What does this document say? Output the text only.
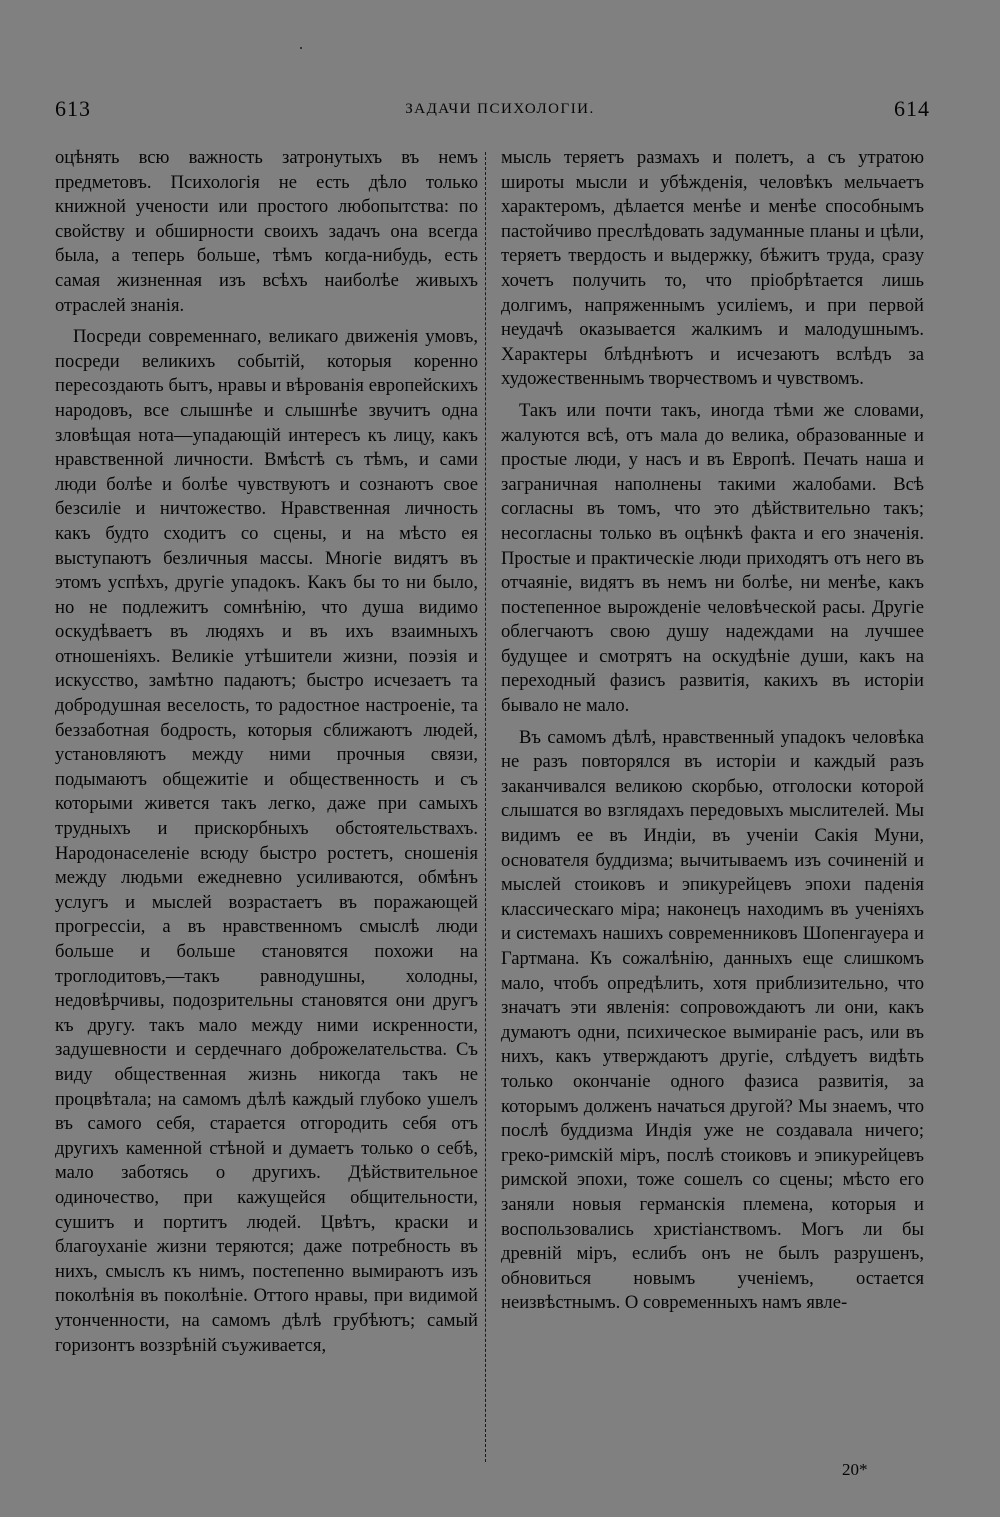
613	ЗАДАЧИ ПСИХОЛОГІИ.	614

оцѣнять всю важность затронутыхъ въ немъ предметовъ. Психологія не есть дѣло только книжной учености или простого любопытства: по свойству и обширности своихъ задачъ она всегда была, а теперь больше, тѣмъ когда-нибудь, есть самая жизненная изъ всѣхъ наиболѣе живыхъ отраслей знанія.

Посреди современнаго, великаго движенія умовъ, посреди великихъ событій, которыя коренно пересоздають бытъ, нравы и вѣрованія европейскихъ народовъ, все слышнѣе и слышнѣе звучитъ одна зловѣщая нота—упадающій интересъ къ лицу, какъ нравственной личности. Вмѣстѣ съ тѣмъ, и сами люди болѣе и болѣе чувствуютъ и сознаютъ свое безсиліе и ничтожество. Нравственная личность какъ будто сходитъ со сцены, и на мѣсто ея выступаютъ безличныя массы. Многіе видятъ въ этомъ успѣхъ, другіе упадокъ. Какъ бы то ни было, но не подлежитъ сомнѣнію, что душа видимо оскудѣваетъ въ людяхъ и въ ихъ взаимныхъ отношеніяхъ. Великіе утѣшители жизни, поэзія и искусство, замѣтно падаютъ; быстро исчезаетъ та добродушная веселость, то радостное настроеніе, та беззаботная бодрость, которыя сближаютъ людей, установляютъ между ними прочныя связи, подымаютъ общежитіе и общественность и съ которыми живется такъ легко, даже при самыхъ трудныхъ и прискорбныхъ обстоятельствахъ. Народонаселеніе всюду быстро ростетъ, сношенія между людьми ежедневно усиливаются, обмѣнъ услугъ и мыслей возрастаетъ въ поражающей прогрессіи, а въ нравственномъ смыслѣ люди больше и больше становятся похожи на троглодитовъ,—такъ равнодушны, холодны, недовѣрчивы, подозрительны становятся они другъ къ другу. такъ мало между ними искренности, задушевности и сердечнаго доброжелательства. Съ виду общественная жизнь никогда такъ не процвѣтала; на самомъ дѣлѣ каждый глубоко ушелъ въ самого себя, старается отгородить себя отъ другихъ каменной стѣной и думаетъ только о себѣ, мало заботясь о другихъ. Дѣйствительное одиночество, при кажущейся общительности, сушитъ и портитъ людей. Цвѣтъ, краски и благоуханіе жизни теряются; даже потребность въ нихъ, смыслъ къ нимъ, постепенно вымираютъ изъ поколѣнія въ поколѣніе. Оттого нравы, при видимой утонченности, на самомъ дѣлѣ грубѣютъ; самый горизонтъ воззрѣній съуживается,

мысль теряетъ размахъ и полетъ, а съ утратою широты мысли и убѣжденія, человѣкъ мельчаетъ характеромъ, дѣлается менѣе и менѣе способнымъ пастойчиво преслѣдовать задуманные планы и цѣли, теряетъ твердость и выдержку, бѣжитъ труда, сразу хочетъ получить то, что пріобрѣтается лишь долгимъ, напряженнымъ усиліемъ, и при первой неудачѣ оказывается жалкимъ и малодушнымъ. Характеры блѣднѣютъ и исчезаютъ вслѣдъ за художественнымъ творчествомъ и чувствомъ.

Такъ или почти такъ, иногда тѣми же словами, жалуются всѣ, отъ мала до велика, образованные и простые люди, у насъ и въ Европѣ. Печать наша и заграничная наполнены такими жалобами. Всѣ согласны въ томъ, что это дѣйствительно такъ; несогласны только въ оцѣнкѣ факта и его значенія. Простые и практическіе люди приходятъ отъ него въ отчаяніе, видятъ въ немъ ни болѣе, ни менѣе, какъ постепенное вырожденіе человѣческой расы. Другіе облегчаютъ свою душу надеждами на лучшее будущее и смотрятъ на оскудѣніе души, какъ на переходный фазисъ развитія, какихъ въ исторіи бывало не мало.

Въ самомъ дѣлѣ, нравственный упадокъ человѣка не разъ повторялся въ исторіи и каждый разъ заканчивался великою скорбью, отголоски которой слышатся во взглядахъ передовыхъ мыслителей. Мы видимъ ее въ Индіи, въ ученіи Сакія Муни, основателя буддизма; вычитываемъ изъ сочиненій и мыслей стоиковъ и эпикурейцевъ эпохи паденія классическаго міра; наконецъ находимъ въ ученіяхъ и системахъ нашихъ современниковъ Шопенгауера и Гартмана. Къ сожалѣнію, данныхъ еще слишкомъ мало, чтобъ опредѣлить, хотя приблизительно, что значатъ эти явленія: сопровождаютъ ли они, какъ думаютъ одни, психическое вымираніе расъ, или въ нихъ, какъ утверждаютъ другіе, слѣдуетъ видѣть только окончаніе одного фазиса развитія, за которымъ долженъ начаться другой? Мы знаемъ, что послѣ буддизма Индія уже не создавала ничего; греко-римскій міръ, послѣ стоиковъ и эпикурейцевъ римской эпохи, тоже сошелъ со сцены; мѣсто его заняли новыя германскія племена, которыя и воспользовались христіанствомъ. Могъ ли бы древній міръ, еслибъ онъ не былъ разрушенъ, обновиться новымъ ученіемъ, остается неизвѣстнымъ. О современныхъ намъ явле-

20*
